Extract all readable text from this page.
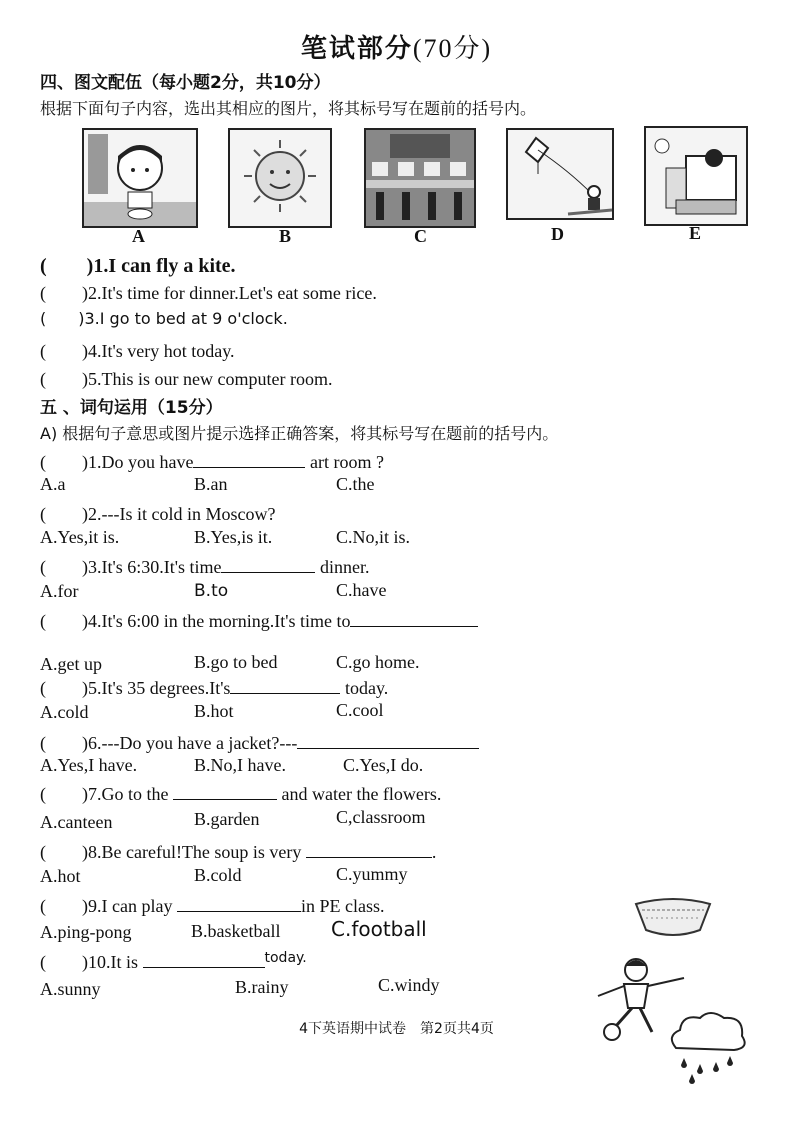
笔试部分(70分)
四、图文配伍（每小题2分，共10分）
根据下面句子内容，选出其相应的图片，将其标号写在题前的括号内。
A	B	C	D	E
(　　)1.I can fly a kite.
(　　)2.It's time for dinner.Let's eat some rice.
(　　)3.I go to bed at 9 o'clock.
(　　)4.It's very hot today.
(　　)5.This is our new computer room.
五 、词句运用（15分）
A) 根据句子意思或图片提示选择正确答案，将其标号写在题前的括号内。
(　　)1.Do you have	art room ?
A.a	B.an	C.the
(　　)2.---Is it cold in Moscow?
A.Yes,it is.	B.Yes,is it.	C.No,it is.
(　　)3.It's 6:30.It's time	dinner.
A.for	B.to	C.have
(　　)4.It's 6:00 in the morning.It's time to
A.get up	B.go to bed	C.go home.
(　　)5.It's 35 degrees.It's	today.
A.cold	B.hot	C.cool
(　　)6.---Do you have a jacket?---
A.Yes,I have.	B.No,I have.	C.Yes,I do.
(　　)7.Go to the	and water the flowers.
A.canteen	B.garden	C,classroom
(　　)8.Be careful!The soup is very	.
A.hot	B.cold	C.yummy
(　　)9.I can play	in PE class.
A.ping-pong	B.basketball	C.football
(　　)10.It is	$^{today.}$
A.sunny	B.rainy	C.windy
4下英语期中试卷　第2页共4页
